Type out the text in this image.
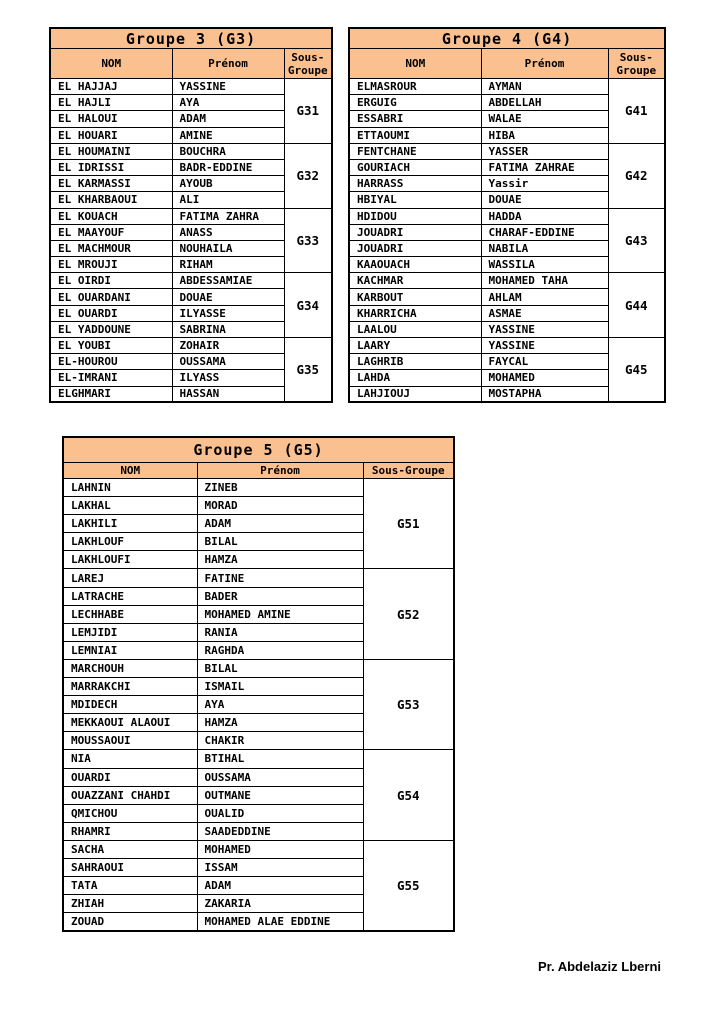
Groupe 3 (G3)		
NOM	Prénom	Sous-Groupe
EL HAJJAJ	YASSINE	G31
EL HAJLI	AYA	
EL HALOUI	ADAM	
EL HOUARI	AMINE	
EL HOUMAINI	BOUCHRA	G32
EL IDRISSI	BADR-EDDINE	
EL KARMASSI	AYOUB	
EL KHARBAOUI	ALI	
EL KOUACH	FATIMA ZAHRA	G33
EL MAAYOUF	ANASS	
EL MACHMOUR	NOUHAILA	
EL MROUJI	RIHAM	
EL OIRDI	ABDESSAMIAE	G34
EL OUARDANI	DOUAE	
EL OUARDI	ILYASSE	
EL YADDOUNE	SABRINA	
EL YOUBI	ZOHAIR	G35
EL-HOUROU	OUSSAMA	
EL-IMRANI	ILYASS	
ELGHMARI	HASSAN	
Groupe 4 (G4)		
NOM	Prénom	Sous-Groupe
ELMASROUR	AYMAN	G41
ERGUIG	ABDELLAH	
ESSABRI	WALAE	
ETTAOUMI	HIBA	
FENTCHANE	YASSER	G42
GOURIACH	FATIMA ZAHRAE	
HARRASS	Yassir	
HBIYAL	DOUAE	
HDIDOU	HADDA	G43
JOUADRI	CHARAF-EDDINE	
JOUADRI	NABILA	
KAAOUACH	WASSILA	
KACHMAR	MOHAMED TAHA	G44
KARBOUT	AHLAM	
KHARRICHA	ASMAE	
LAALOU	YASSINE	
LAARY	YASSINE	G45
LAGHRIB	FAYCAL	
LAHDA	MOHAMED	
LAHJIOUJ	MOSTAPHA	
Groupe 5 (G5)		
NOM	Prénom	Sous-Groupe
LAHNIN	ZINEB	G51
LAKHAL	MORAD	
LAKHILI	ADAM	
LAKHLOUF	BILAL	
LAKHLOUFI	HAMZA	
LAREJ	FATINE	G52
LATRACHE	BADER	
LECHHABE	MOHAMED AMINE	
LEMJIDI	RANIA	
LEMNIAI	RAGHDA	
MARCHOUH	BILAL	G53
MARRAKCHI	ISMAIL	
MDIDECH	AYA	
MEKKAOUI ALAOUI	HAMZA	
MOUSSAOUI	CHAKIR	
NIA	BTIHAL	G54
OUARDI	OUSSAMA	
OUAZZANI CHAHDI	OUTMANE	
QMICHOU	OUALID	
RHAMRI	SAADEDDINE	
SACHA	MOHAMED	G55
SAHRAOUI	ISSAM	
TATA	ADAM	
ZHIAH	ZAKARIA	
ZOUAD	MOHAMED ALAE EDDINE	
Pr. Abdelaziz Lberni
